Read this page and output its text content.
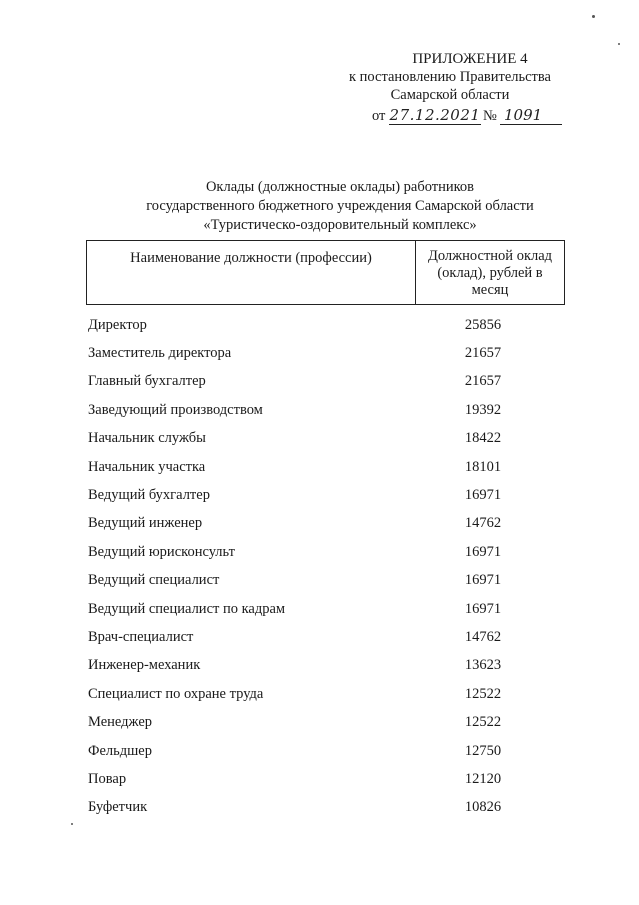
ПРИЛОЖЕНИЕ 4
к постановлению Правительства
Самарской области
от 27.12.2021 № 1091
Оклады (должностные оклады) работников
государственного бюджетного учреждения Самарской области
«Туристическо-оздоровительный комплекс»
Наименование должности (профессии)	Должностной оклад
(оклад), рублей в
месяц
Директор	25856
Заместитель директора	21657
Главный бухгалтер	21657
Заведующий производством	19392
Начальник службы	18422
Начальник участка	18101
Ведущий бухгалтер	16971
Ведущий инженер	14762
Ведущий юрисконсульт	16971
Ведущий специалист	16971
Ведущий специалист по кадрам	16971
Врач-специалист	14762
Инженер-механик	13623
Специалист по охране труда	12522
Менеджер	12522
Фельдшер	12750
Повар	12120
Буфетчик	10826
